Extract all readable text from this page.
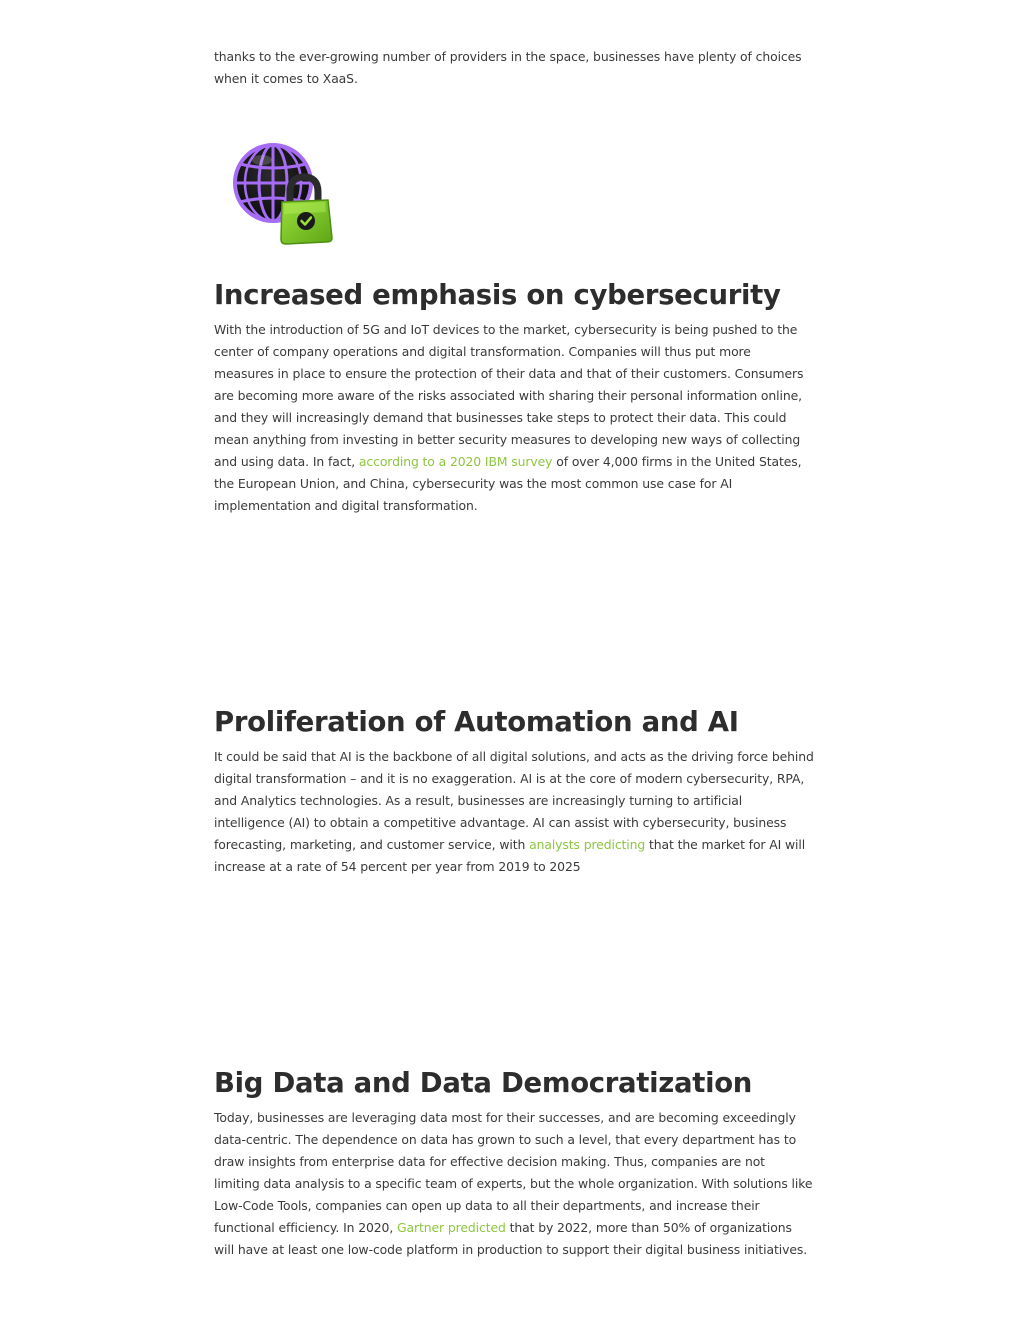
thanks to the ever-growing number of providers in the space, businesses have plenty of choices when it comes to XaaS.

Increased emphasis on cybersecurity

With the introduction of 5G and IoT devices to the market, cybersecurity is being pushed to the center of company operations and digital transformation. Companies will thus put more measures in place to ensure the protection of their data and that of their customers. Consumers are becoming more aware of the risks associated with sharing their personal information online, and they will increasingly demand that businesses take steps to protect their data. This could mean anything from investing in better security measures to developing new ways of collecting and using data. In fact, according to a 2020 IBM survey of over 4,000 firms in the United States, the European Union, and China, cybersecurity was the most common use case for AI implementation and digital transformation.

Proliferation of Automation and AI

It could be said that AI is the backbone of all digital solutions, and acts as the driving force behind digital transformation – and it is no exaggeration. AI is at the core of modern cybersecurity, RPA, and Analytics technologies. As a result, businesses are increasingly turning to artificial intelligence (AI) to obtain a competitive advantage. AI can assist with cybersecurity, business forecasting, marketing, and customer service, with analysts predicting that the market for AI will increase at a rate of 54 percent per year from 2019 to 2025

Big Data and Data Democratization

Today, businesses are leveraging data most for their successes, and are becoming exceedingly data-centric. The dependence on data has grown to such a level, that every department has to draw insights from enterprise data for effective decision making. Thus, companies are not limiting data analysis to a specific team of experts, but the whole organization. With solutions like Low-Code Tools, companies can open up data to all their departments, and increase their functional efficiency. In 2020, Gartner predicted that by 2022, more than 50% of organizations will have at least one low-code platform in production to support their digital business initiatives.
